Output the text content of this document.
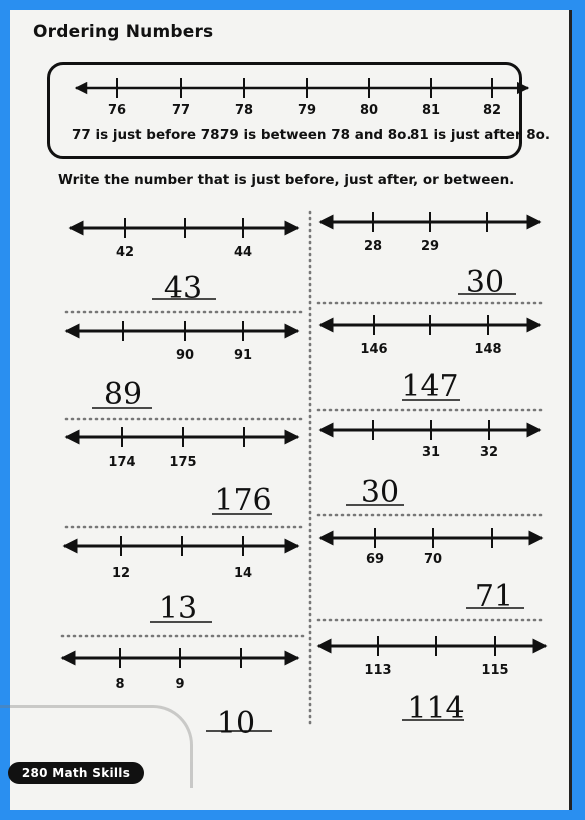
Ordering Numbers
77 is just before 78.
79 is between 78 and 8o.
81 is just after 8o.
Write the number that is just before, just after, or between.
76	77	78	79	80	81	82
42	44
43
28	29
30
90	91
89
146	148
147
174	175
176
31	32
30
12	14
13
69	70
71
8	9
10
113	115
114
280 Math Skills
